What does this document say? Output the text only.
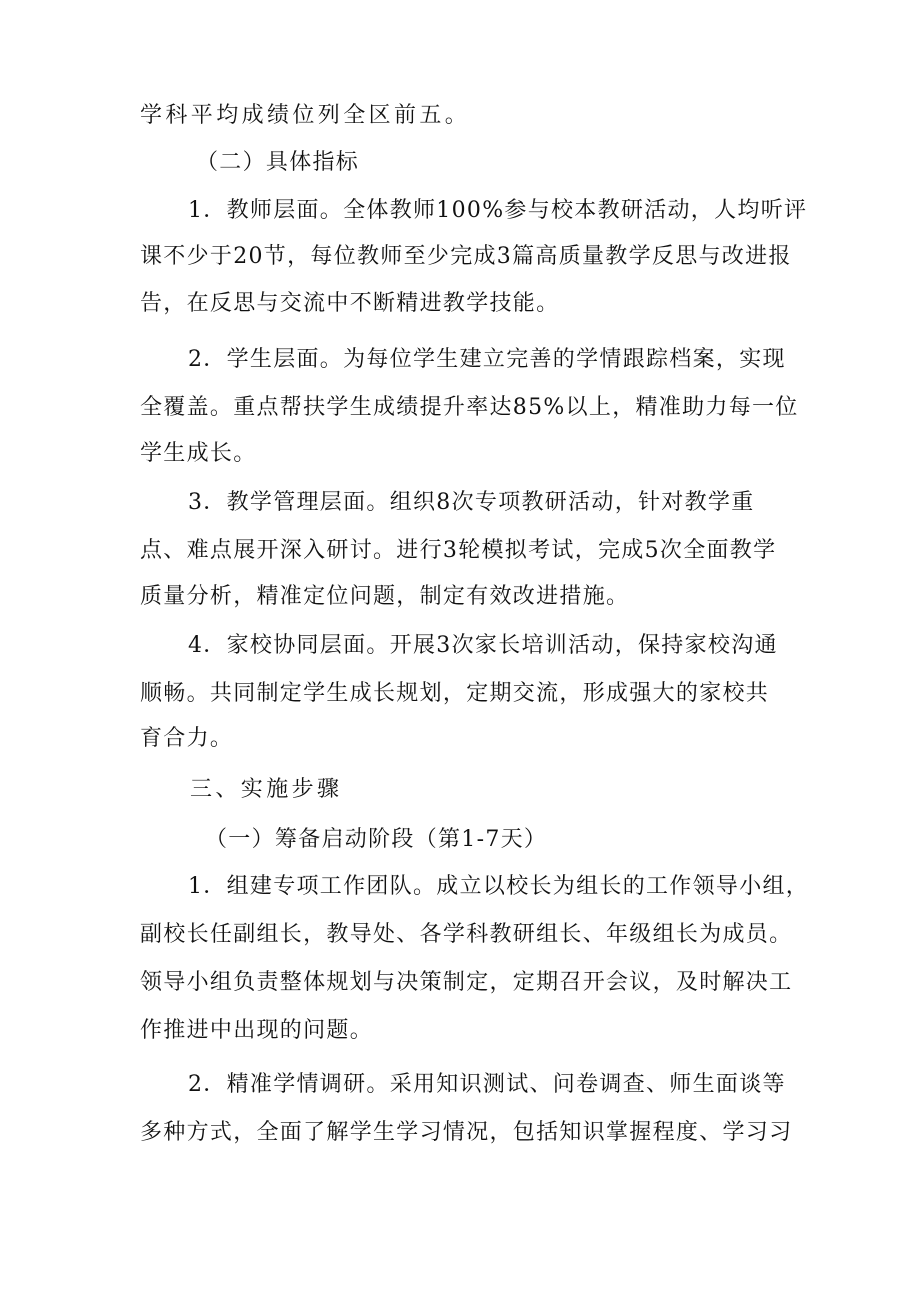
学科平均成绩位列全区前五。

（二）具体指标

1．教师层面。全体教师100%参与校本教研活动，人均听评

课不少于20节，每位教师至少完成3篇高质量教学反思与改进报

告，在反思与交流中不断精进教学技能。

2．学生层面。为每位学生建立完善的学情跟踪档案，实现

全覆盖。重点帮扶学生成绩提升率达85%以上，精准助力每一位

学生成长。

3．教学管理层面。组织8次专项教研活动，针对教学重

点、难点展开深入研讨。进行3轮模拟考试，完成5次全面教学

质量分析，精准定位问题，制定有效改进措施。

4．家校协同层面。开展3次家长培训活动，保持家校沟通

顺畅。共同制定学生成长规划，定期交流，形成强大的家校共

育合力。

三、实施步骤

（一）筹备启动阶段（第1-7天）

1．组建专项工作团队。成立以校长为组长的工作领导小组，

副校长任副组长，教导处、各学科教研组长、年级组长为成员。

领导小组负责整体规划与决策制定，定期召开会议，及时解决工

作推进中出现的问题。

2．精准学情调研。采用知识测试、问卷调查、师生面谈等

多种方式，全面了解学生学习情况，包括知识掌握程度、学习习
